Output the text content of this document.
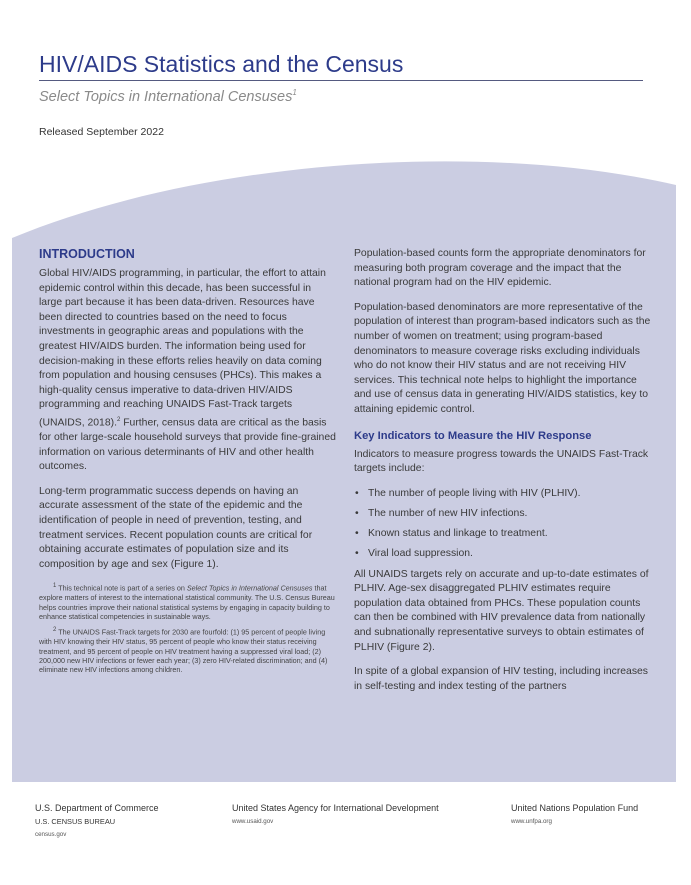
HIV/AIDS Statistics and the Census
Select Topics in International Censuses$^1$
Released September 2022
INTRODUCTION

Global HIV/AIDS programming, in particular, the effort to attain epidemic control within this decade, has been successful in large part because it has been data-driven. Resources have been directed to countries based on the need to focus investments in geographic areas and populations with the greatest HIV/AIDS burden. The information being used for decision-making in these efforts relies heavily on data coming from population and housing censuses (PHCs). This makes a high-quality census imperative to data-driven HIV/AIDS programming and reaching UNAIDS Fast-Track targets (UNAIDS, 2018).$^2$ Further, census data are critical as the basis for other large-scale household surveys that provide fine-grained information on various determinants of HIV and other health outcomes.

Long-term programmatic success depends on having an accurate assessment of the state of the epidemic and the identification of people in need of prevention, testing, and treatment services. Recent population counts are critical for obtaining accurate estimates of population size and its composition by age and sex (Figure 1).

$^1$ This technical note is part of a series on Select Topics in International Censuses that explore matters of interest to the international statistical community. The U.S. Census Bureau helps countries improve their national statistical systems by engaging in capacity building to enhance statistical competencies in sustainable ways.

$^2$ The UNAIDS Fast-Track targets for 2030 are fourfold: (1) 95 percent of people living with HIV knowing their HIV status, 95 percent of people who know their status receiving treatment, and 95 percent of people on HIV treatment having a suppressed viral load; (2) 200,000 new HIV infections or fewer each year; (3) zero HIV-related discrimination; and (4) eliminate new HIV infections among children.

Population-based counts form the appropriate denominators for measuring both program coverage and the impact that the national program had on the HIV epidemic.

Population-based denominators are more representative of the population of interest than program-based indicators such as the number of women on treatment; using program-based denominators to measure coverage risks excluding individuals who do not know their HIV status and are not receiving HIV services. This technical note helps to highlight the importance and use of census data in generating HIV/AIDS statistics, key to attaining epidemic control.

Key Indicators to Measure the HIV Response

Indicators to measure progress towards the UNAIDS Fast-Track targets include:

• The number of people living with HIV (PLHIV).
• The number of new HIV infections.
• Known status and linkage to treatment.
• Viral load suppression.

All UNAIDS targets rely on accurate and up-to-date estimates of PLHIV. Age-sex disaggregated PLHIV estimates require population data obtained from PHCs. These population counts can then be combined with HIV prevalence data from nationally and subnationally representative surveys to obtain estimates of PLHIV (Figure 2).

In spite of a global expansion of HIV testing, including increases in self-testing and index testing of the partners

U.S. Department of Commerce
U.S. CENSUS BUREAU
census.gov
United States Agency for International Development
www.usaid.gov
United Nations Population Fund
www.unfpa.org
